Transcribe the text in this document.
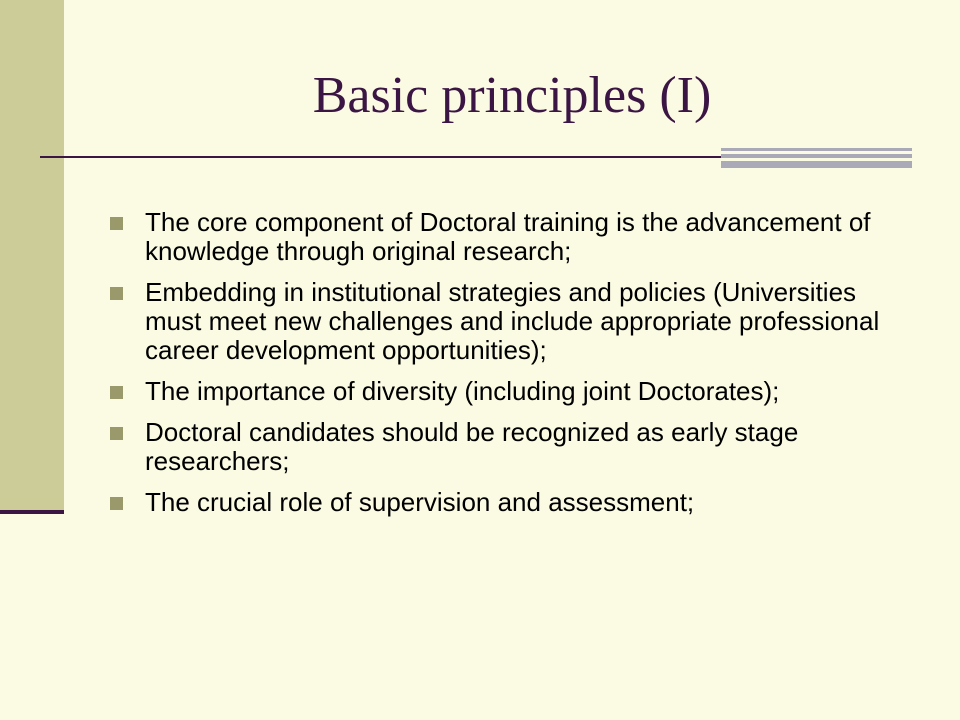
Basic principles (I)
The core component of Doctoral training is the advancement of knowledge through original research;
Embedding in institutional strategies and policies (Universities must meet new challenges and include appropriate professional career development opportunities);
The importance of diversity (including joint Doctorates);
Doctoral candidates should be recognized as early stage researchers;
The crucial role of supervision and assessment;
